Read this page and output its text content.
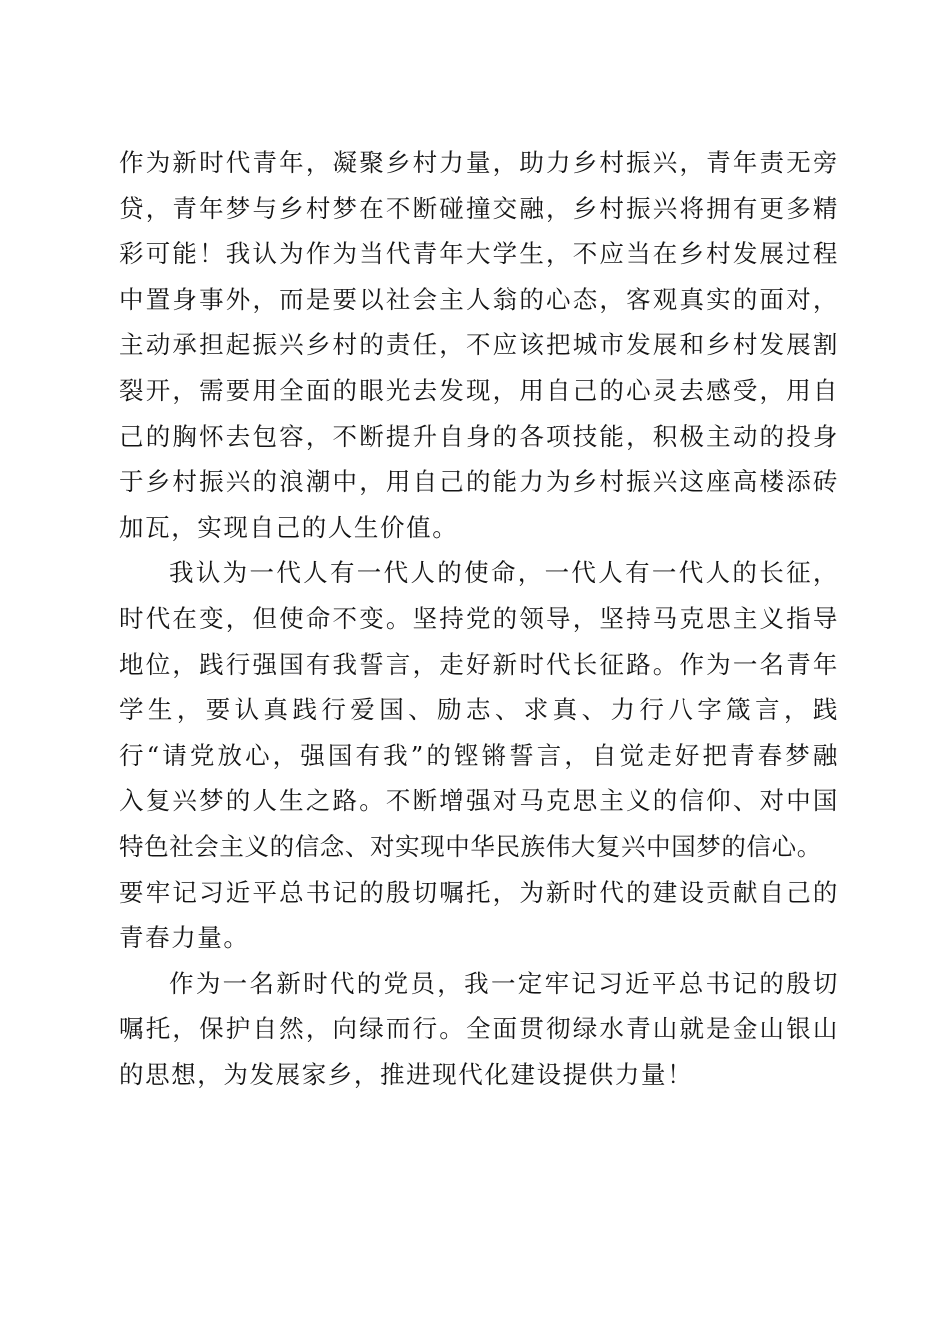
作为新时代青年，凝聚乡村力量，助力乡村振兴，青年责无旁
贷，青年梦与乡村梦在不断碰撞交融，乡村振兴将拥有更多精
彩可能！我认为作为当代青年大学生，不应当在乡村发展过程
中置身事外，而是要以社会主人翁的心态，客观真实的面对，
主动承担起振兴乡村的责任，不应该把城市发展和乡村发展割
裂开，需要用全面的眼光去发现，用自己的心灵去感受，用自
己的胸怀去包容，不断提升自身的各项技能，积极主动的投身
于乡村振兴的浪潮中，用自己的能力为乡村振兴这座高楼添砖
加瓦，实现自己的人生价值。
我认为一代人有一代人的使命，一代人有一代人的长征，
时代在变，但使命不变。坚持党的领导，坚持马克思主义指导
地位，践行强国有我誓言，走好新时代长征路。作为一名青年
学生，要认真践行爱国、励志、求真、力行八字箴言，践
行“请党放心，强国有我”的铿锵誓言，自觉走好把青春梦融
入复兴梦的人生之路。不断增强对马克思主义的信仰、对中国
特色社会主义的信念、对实现中华民族伟大复兴中国梦的信心。
要牢记习近平总书记的殷切嘱托，为新时代的建设贡献自己的
青春力量。
作为一名新时代的党员，我一定牢记习近平总书记的殷切
嘱托，保护自然，向绿而行。全面贯彻绿水青山就是金山银山
的思想，为发展家乡，推进现代化建设提供力量！
